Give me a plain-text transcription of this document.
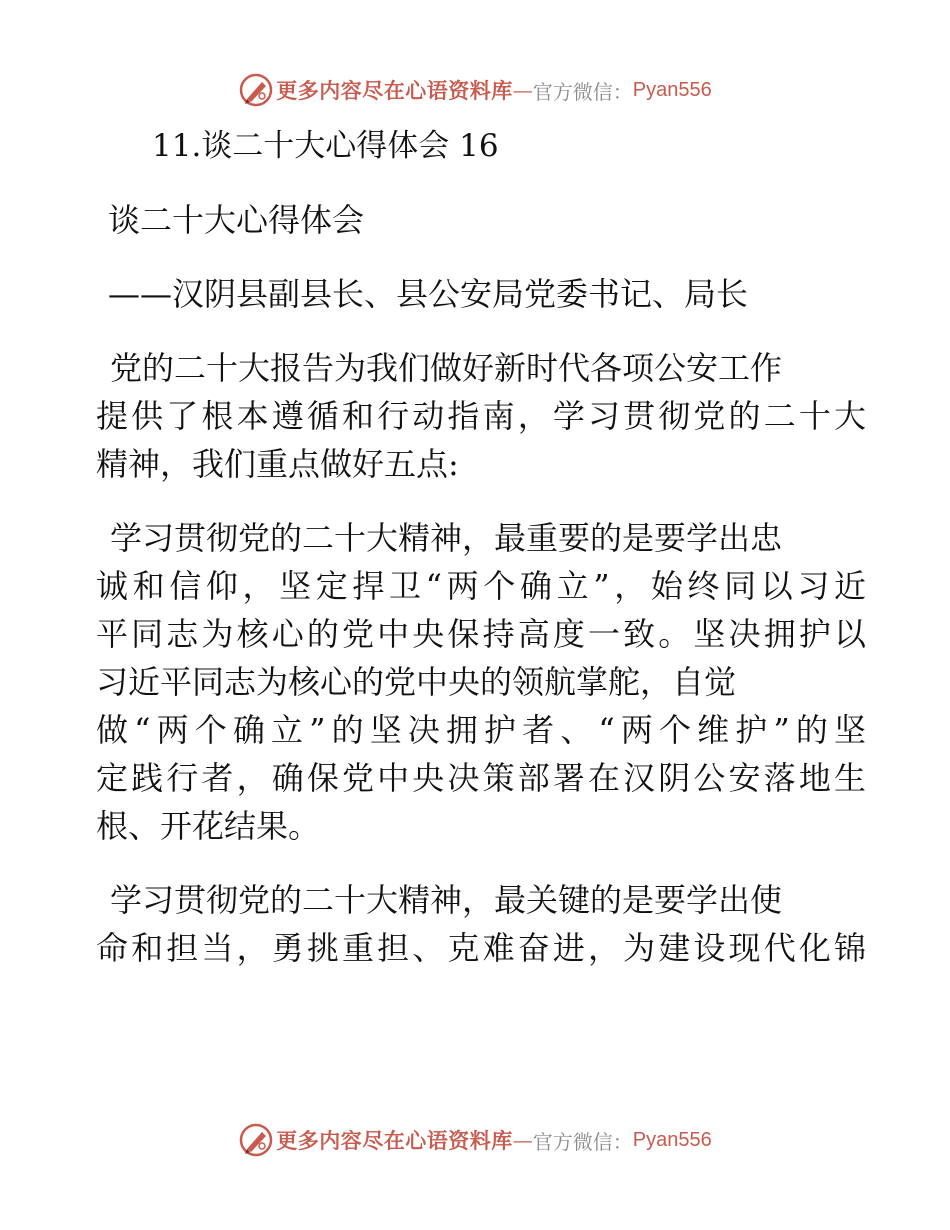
更多内容尽在心语资料库 — 官方微信： Pyan556
11.谈二十大心得体会 16
谈二十大心得体会
——汉阴县副县长、县公安局党委书记、局长
党的二十大报告为我们做好新时代各项公安工作
提供了根本遵循和行动指南，学习贯彻党的二十大
精神，我们重点做好五点:
学习贯彻党的二十大精神，最重要的是要学出忠
诚和信仰，坚定捍卫“两个确立”，始终同以习近
平同志为核心的党中央保持高度一致。坚决拥护以
习近平同志为核心的党中央的领航掌舵，自觉
做“两个确立”的坚决拥护者、“两个维护”的坚
定践行者，确保党中央决策部署在汉阴公安落地生
根、开花结果。
学习贯彻党的二十大精神，最关键的是要学出使
命和担当，勇挑重担、克难奋进，为建设现代化锦
更多内容尽在心语资料库 — 官方微信： Pyan556
